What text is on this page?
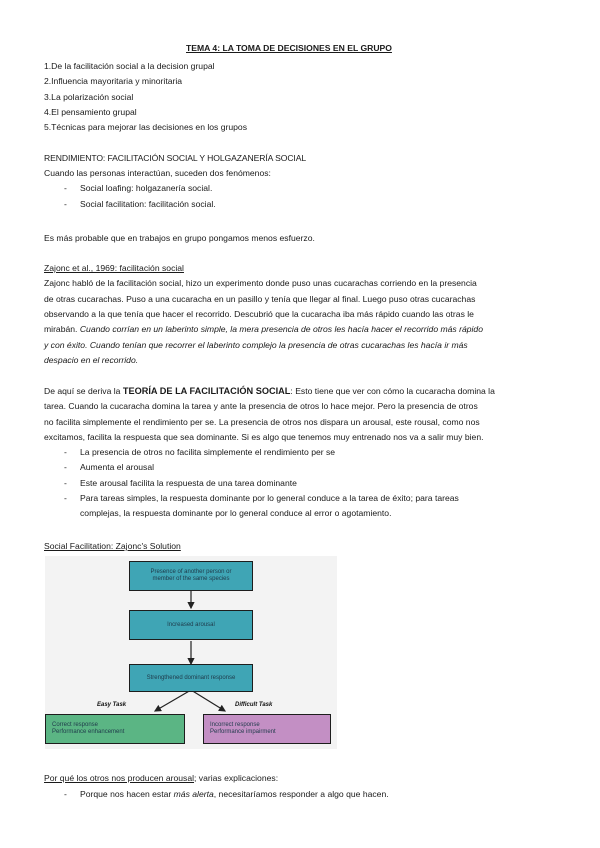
TEMA 4: LA TOMA DE DECISIONES EN EL GRUPO
1.De la facilitación social a la decision grupal
2.Influencia mayoritaria y minoritaria
3.La polarización social
4.El pensamiento grupal
5.Técnicas para mejorar las decisiones en los grupos
RENDIMIENTO: FACILITACIÓN SOCIAL Y HOLGAZANERÍA SOCIAL
Cuando las personas interactúan, suceden dos fenómenos:
- Social loafing: holgazanería social.
- Social facilitation: facilitación social.
Es más probable que en trabajos en grupo pongamos menos esfuerzo.
Zajonc et al., 1969: facilitación social
Zajonc habló de la facilitación social, hizo un experimento donde puso unas cucarachas corriendo en la presencia
de otras cucarachas. Puso a una cucaracha en un pasillo y tenía que llegar al final. Luego puso otras cucarachas
observando a la que tenía que hacer el recorrido. Descubrió que la cucaracha iba más rápido cuando las otras le
mirabán. Cuando corrían en un laberinto simple, la mera presencia de otros les hacía hacer el recorrido más rápido
y con éxito. Cuando tenían que recorrer el laberinto complejo la presencia de otras cucarachas les hacía ir más
despacio en el recorrido.
De aquí se deriva la TEORÍA DE LA FACILITACIÓN SOCIAL: Esto tiene que ver con cómo la cucaracha domina la
tarea. Cuando la cucaracha domina la tarea y ante la presencia de otros lo hace mejor. Pero la presencia de otros
no facilita simplemente el rendimiento per se. La presencia de otros nos dispara un arousal, este rousal, como nos
excitamos, facilita la respuesta que sea dominante. Si es algo que tenemos muy entrenado nos va a salir muy bien.
- La presencia de otros no facilita simplemente el rendimiento per se
- Aumenta el arousal
- Este arousal facilita la respuesta de una tarea dominante
- Para tareas simples, la respuesta dominante por lo general conduce a la tarea de éxito; para tareas
complejas, la respuesta dominante por lo general conduce al error o agotamiento.
Social Facilitation: Zajonc's Solution
Presence of another person or member of the same species
Increased arousal
Strengthened dominant response
Easy Task	Difficult Task
Correct response
Performance enhancement
Incorrect response
Performance impairment
Por qué los otros nos producen arousal; varias explicaciones:
- Porque nos hacen estar más alerta, necesitaríamos responder a algo que hacen.
